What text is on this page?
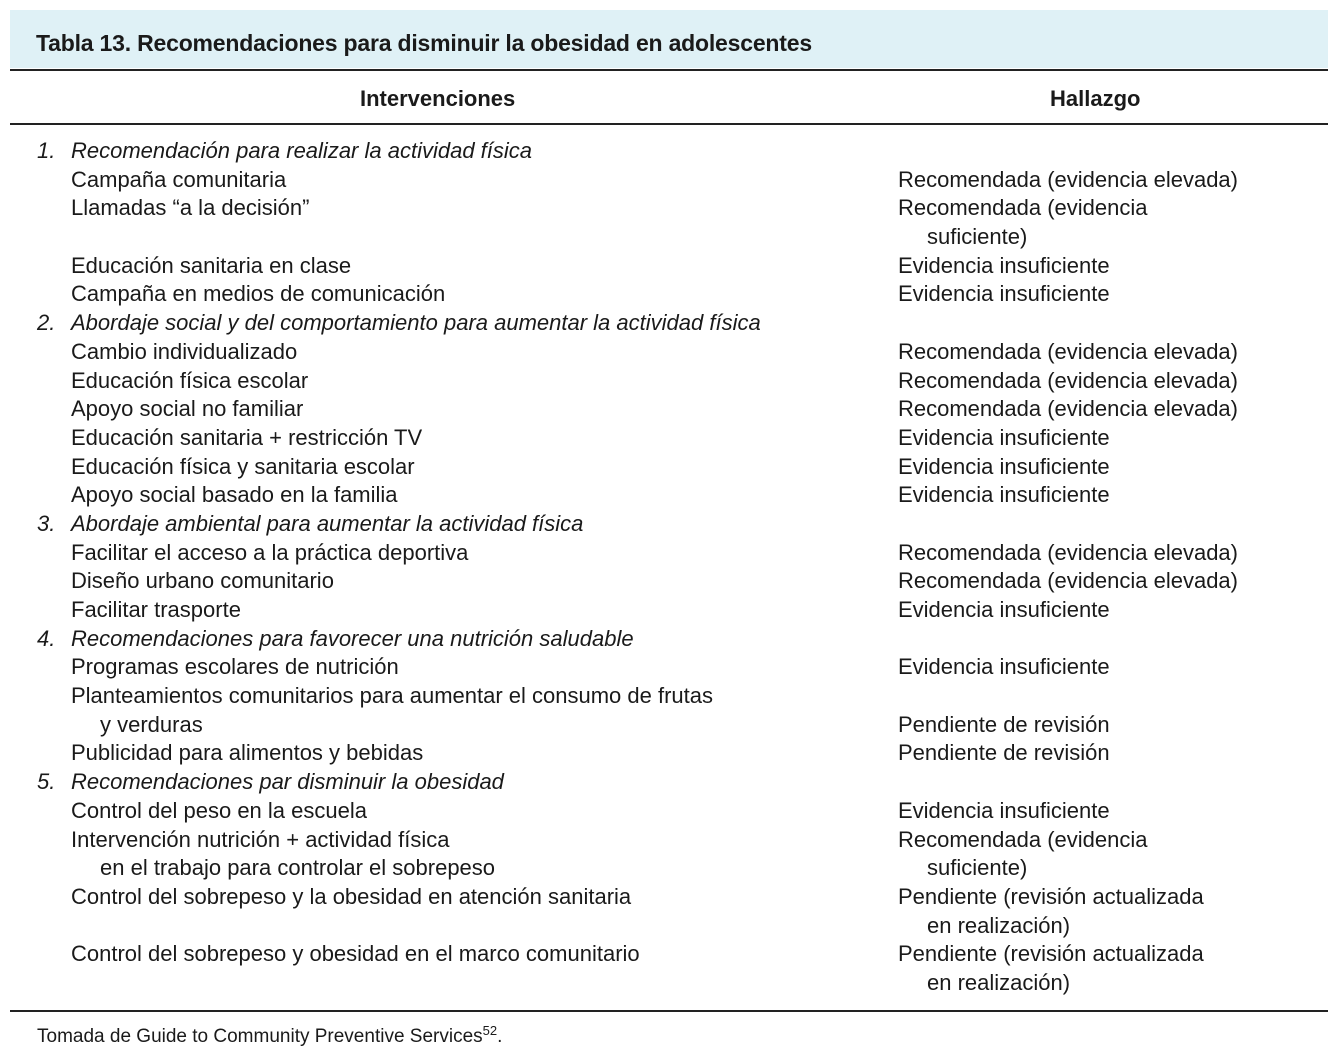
Tabla 13. Recomendaciones para disminuir la obesidad en adolescentes
Intervenciones	Hallazgo
1. Recomendación para realizar la actividad física
Campaña comunitaria	Recomendada (evidencia elevada)
Llamadas “a la decisión”	Recomendada (evidencia
suficiente)
Educación sanitaria en clase	Evidencia insuficiente
Campaña en medios de comunicación	Evidencia insuficiente
2. Abordaje social y del comportamiento para aumentar la actividad física
Cambio individualizado	Recomendada (evidencia elevada)
Educación física escolar	Recomendada (evidencia elevada)
Apoyo social no familiar	Recomendada (evidencia elevada)
Educación sanitaria + restricción TV	Evidencia insuficiente
Educación física y sanitaria escolar	Evidencia insuficiente
Apoyo social basado en la familia	Evidencia insuficiente
3. Abordaje ambiental para aumentar la actividad física
Facilitar el acceso a la práctica deportiva	Recomendada (evidencia elevada)
Diseño urbano comunitario	Recomendada (evidencia elevada)
Facilitar trasporte	Evidencia insuficiente
4. Recomendaciones para favorecer una nutrición saludable
Programas escolares de nutrición	Evidencia insuficiente
Planteamientos comunitarios para aumentar el consumo de frutas
y verduras	Pendiente de revisión
Publicidad para alimentos y bebidas	Pendiente de revisión
5. Recomendaciones par disminuir la obesidad
Control del peso en la escuela	Evidencia insuficiente
Intervención nutrición + actividad física	Recomendada (evidencia
en el trabajo para controlar el sobrepeso	suficiente)
Control del sobrepeso y la obesidad en atención sanitaria	Pendiente (revisión actualizada
en realización)
Control del sobrepeso y obesidad en el marco comunitario	Pendiente (revisión actualizada
en realización)
Tomada de Guide to Community Preventive Services$^{52}$.
